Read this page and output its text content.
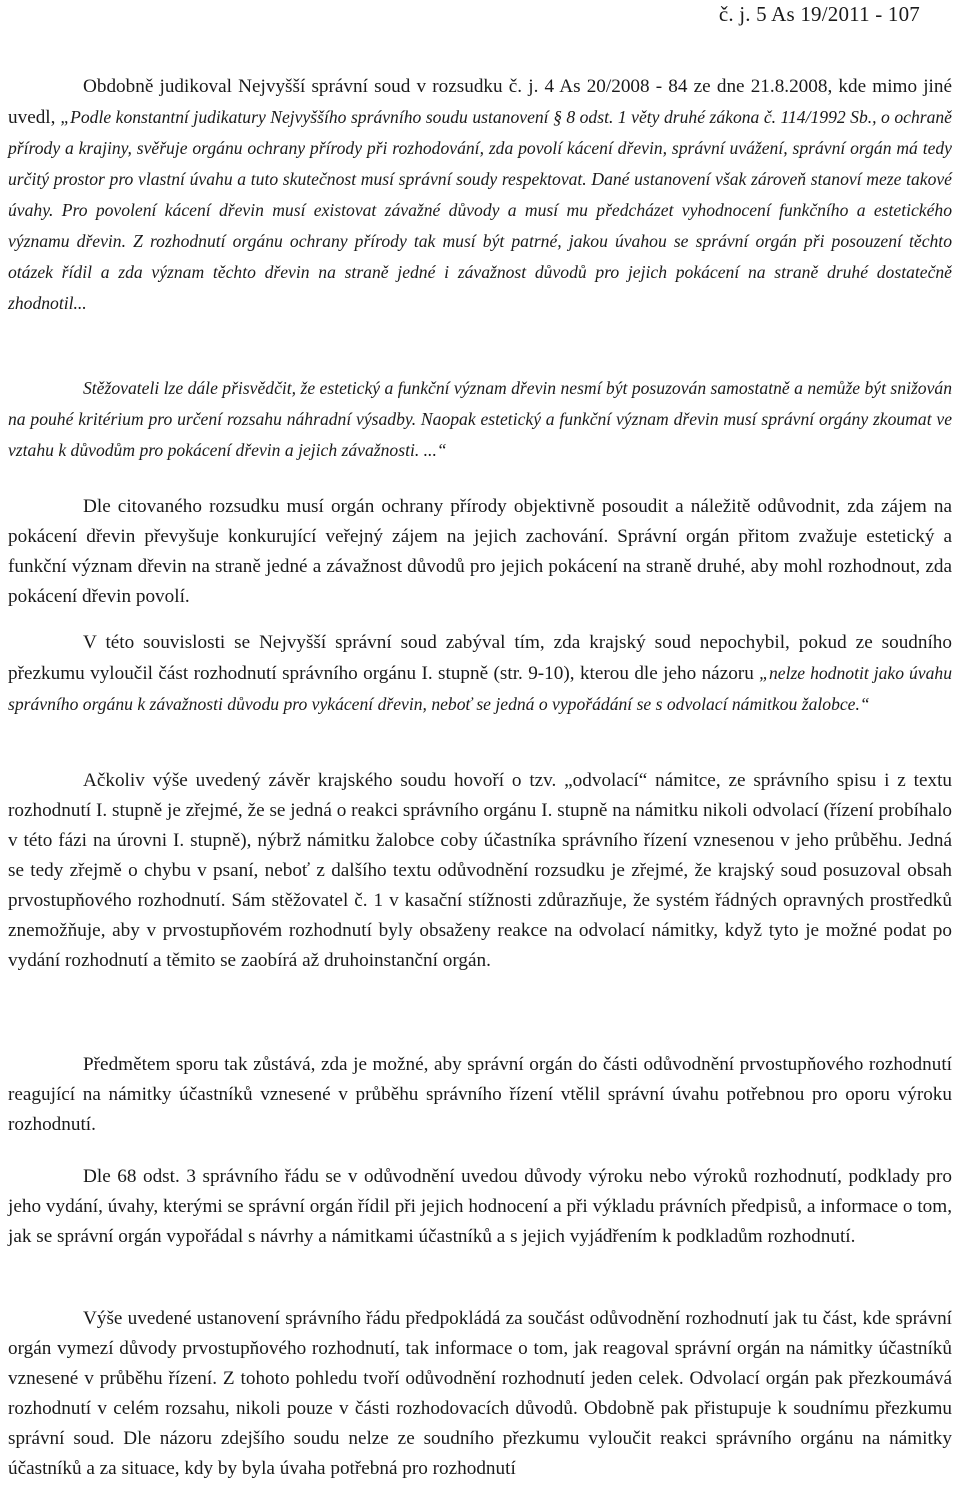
č. j. 5 As 19/2011 - 107

Obdobně judikoval Nejvyšší správní soud v rozsudku č. j. 4 As 20/2008 - 84 ze dne 21.8.2008, kde mimo jiné uvedl, „Podle konstantní judikatury Nejvyššího správního soudu ustanovení § 8 odst. 1 věty druhé zákona č. 114/1992 Sb., o ochraně přírody a krajiny, svěřuje orgánu ochrany přírody při rozhodování, zda povolí kácení dřevin, správní uvážení, správní orgán má tedy určitý prostor pro vlastní úvahu a tuto skutečnost musí správní soudy respektovat. Dané ustanovení však zároveň stanoví meze takové úvahy. Pro povolení kácení dřevin musí existovat závažné důvody a musí mu předcházet vyhodnocení funkčního a estetického významu dřevin. Z rozhodnutí orgánu ochrany přírody tak musí být patrné, jakou úvahou se správní orgán při posouzení těchto otázek řídil a zda význam těchto dřevin na straně jedné i závažnost důvodů pro jejich pokácení na straně druhé dostatečně zhodnotil...

Stěžovateli lze dále přisvědčit, že estetický a funkční význam dřevin nesmí být posuzován samostatně a nemůže být snižován na pouhé kritérium pro určení rozsahu náhradní výsadby. Naopak estetický a funkční význam dřevin musí správní orgány zkoumat ve vztahu k důvodům pro pokácení dřevin a jejich závažnosti. ...“

Dle citovaného rozsudku musí orgán ochrany přírody objektivně posoudit a náležitě odůvodnit, zda zájem na pokácení dřevin převyšuje konkurující veřejný zájem na jejich zachování. Správní orgán přitom zvažuje estetický a funkční význam dřevin na straně jedné a závažnost důvodů pro jejich pokácení na straně druhé, aby mohl rozhodnout, zda pokácení dřevin povolí.

V této souvislosti se Nejvyšší správní soud zabýval tím, zda krajský soud nepochybil, pokud ze soudního přezkumu vyloučil část rozhodnutí správního orgánu I. stupně (str. 9-10), kterou dle jeho názoru „nelze hodnotit jako úvahu správního orgánu k závažnosti důvodu pro vykácení dřevin, neboť se jedná o vypořádání se s odvolací námitkou žalobce.“

Ačkoliv výše uvedený závěr krajského soudu hovoří o tzv. „odvolací“ námitce, ze správního spisu i z textu rozhodnutí I. stupně je zřejmé, že se jedná o reakci správního orgánu I. stupně na námitku nikoli odvolací (řízení probíhalo v této fázi na úrovni I. stupně), nýbrž námitku žalobce coby účastníka správního řízení vznesenou v jeho průběhu. Jedná se tedy zřejmě o chybu v psaní, neboť z dalšího textu odůvodnění rozsudku je zřejmé, že krajský soud posuzoval obsah prvostupňového rozhodnutí. Sám stěžovatel č. 1 v kasační stížnosti zdůrazňuje, že systém řádných opravných prostředků znemožňuje, aby v prvostupňovém rozhodnutí byly obsaženy reakce na odvolací námitky, když tyto je možné podat po vydání rozhodnutí a těmito se zaobírá až druhoinstanční orgán.

Předmětem sporu tak zůstává, zda je možné, aby správní orgán do části odůvodnění prvostupňového rozhodnutí reagující na námitky účastníků vznesené v průběhu správního řízení vtělil správní úvahu potřebnou pro oporu výroku rozhodnutí.

Dle 68 odst. 3 správního řádu se v odůvodnění uvedou důvody výroku nebo výroků rozhodnutí, podklady pro jeho vydání, úvahy, kterými se správní orgán řídil při jejich hodnocení a při výkladu právních předpisů, a informace o tom, jak se správní orgán vypořádal s návrhy a námitkami účastníků a s jejich vyjádřením k podkladům rozhodnutí.

Výše uvedené ustanovení správního řádu předpokládá za součást odůvodnění rozhodnutí jak tu část, kde správní orgán vymezí důvody prvostupňového rozhodnutí, tak informace o tom, jak reagoval správní orgán na námitky účastníků vznesené v průběhu řízení. Z tohoto pohledu tvoří odůvodnění rozhodnutí jeden celek. Odvolací orgán pak přezkoumává rozhodnutí v celém rozsahu, nikoli pouze v části rozhodovacích důvodů. Obdobně pak přistupuje k soudnímu přezkumu správní soud. Dle názoru zdejšího soudu nelze ze soudního přezkumu vyloučit reakci správního orgánu na námitky účastníků a za situace, kdy by byla úvaha potřebná pro rozhodnutí
